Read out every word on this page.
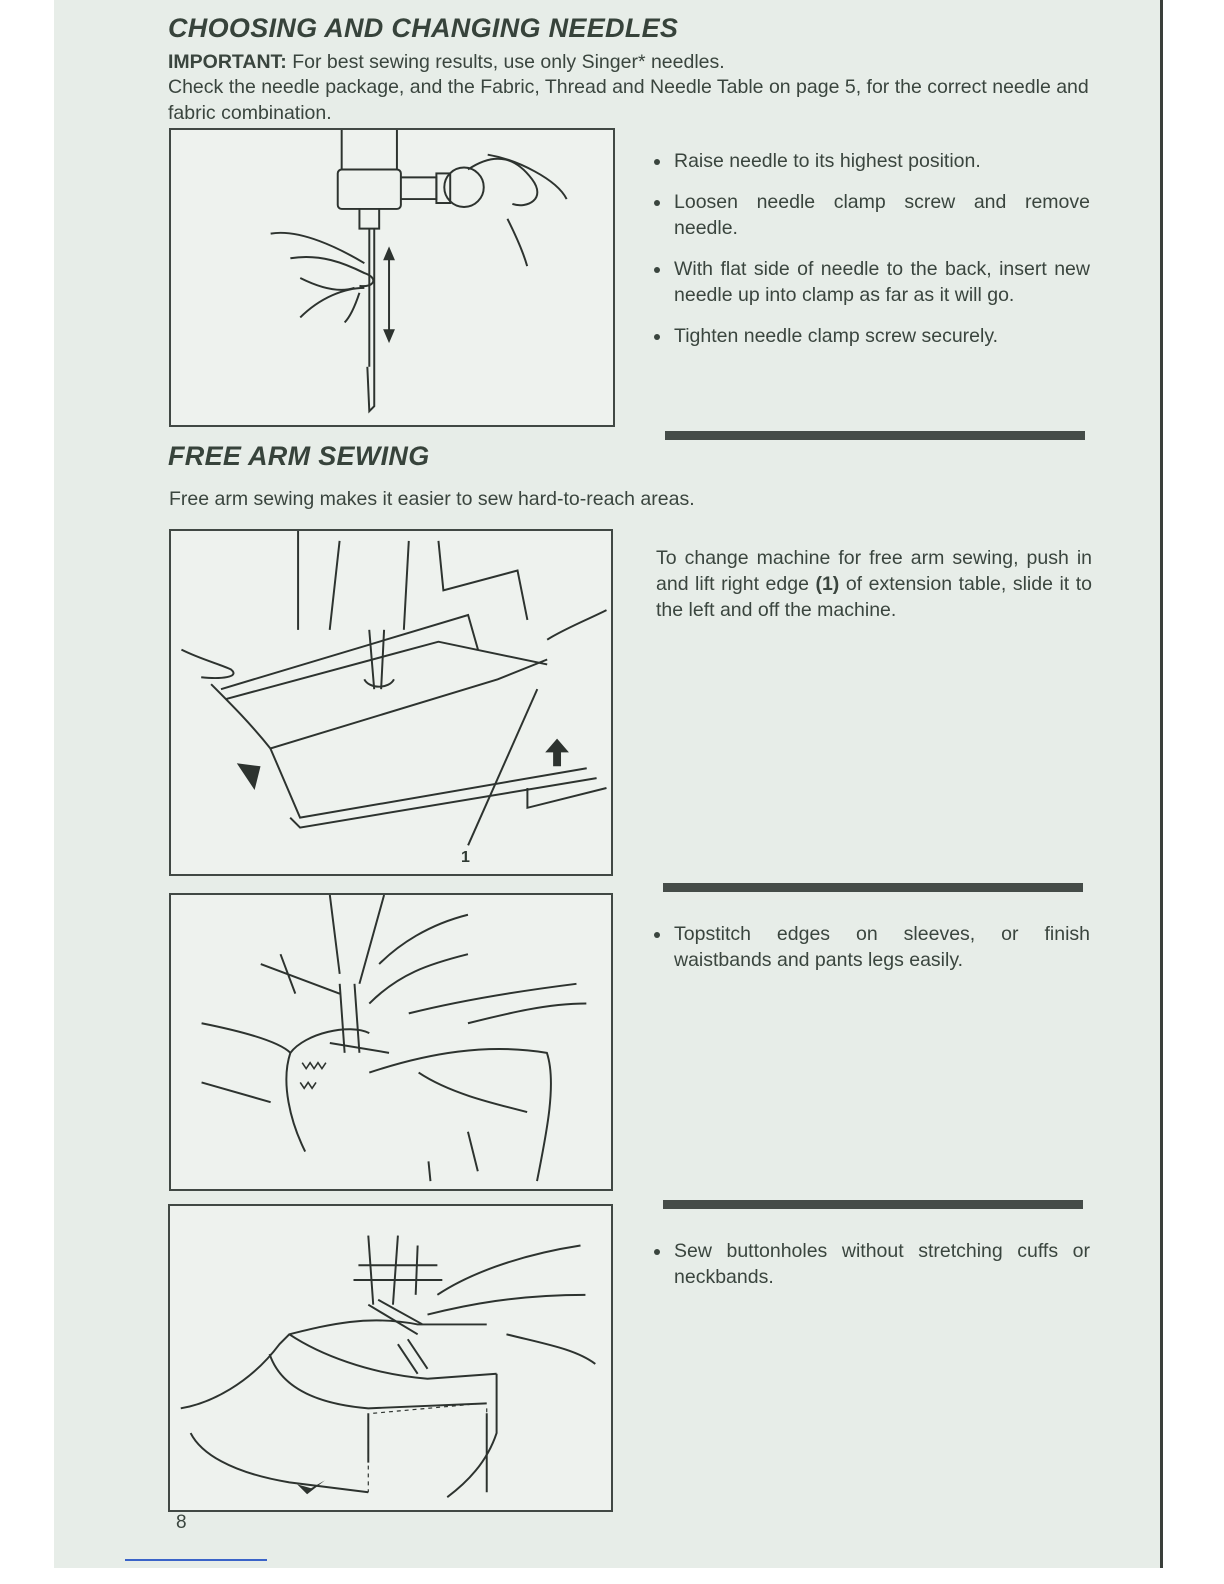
CHOOSING AND CHANGING NEEDLES

IMPORTANT: For best sewing results, use only Singer* needles.

Check the needle package, and the Fabric, Thread and Needle Table on page 5, for the correct needle and fabric combination.

Raise needle to its highest position.
Loosen needle clamp screw and remove needle.
With flat side of needle to the back, insert new needle up into clamp as far as it will go.
Tighten needle clamp screw securely.
FREE ARM SEWING

Free arm sewing makes it easier to sew hard-to-reach areas.

1

To change machine for free arm sewing, push in and lift right edge (1) of extension table, slide it to the left and off the machine.

Topstitch edges on sleeves, or finish waistbands and pants legs easily.
Sew buttonholes without stretching cuffs or neckbands.

8
